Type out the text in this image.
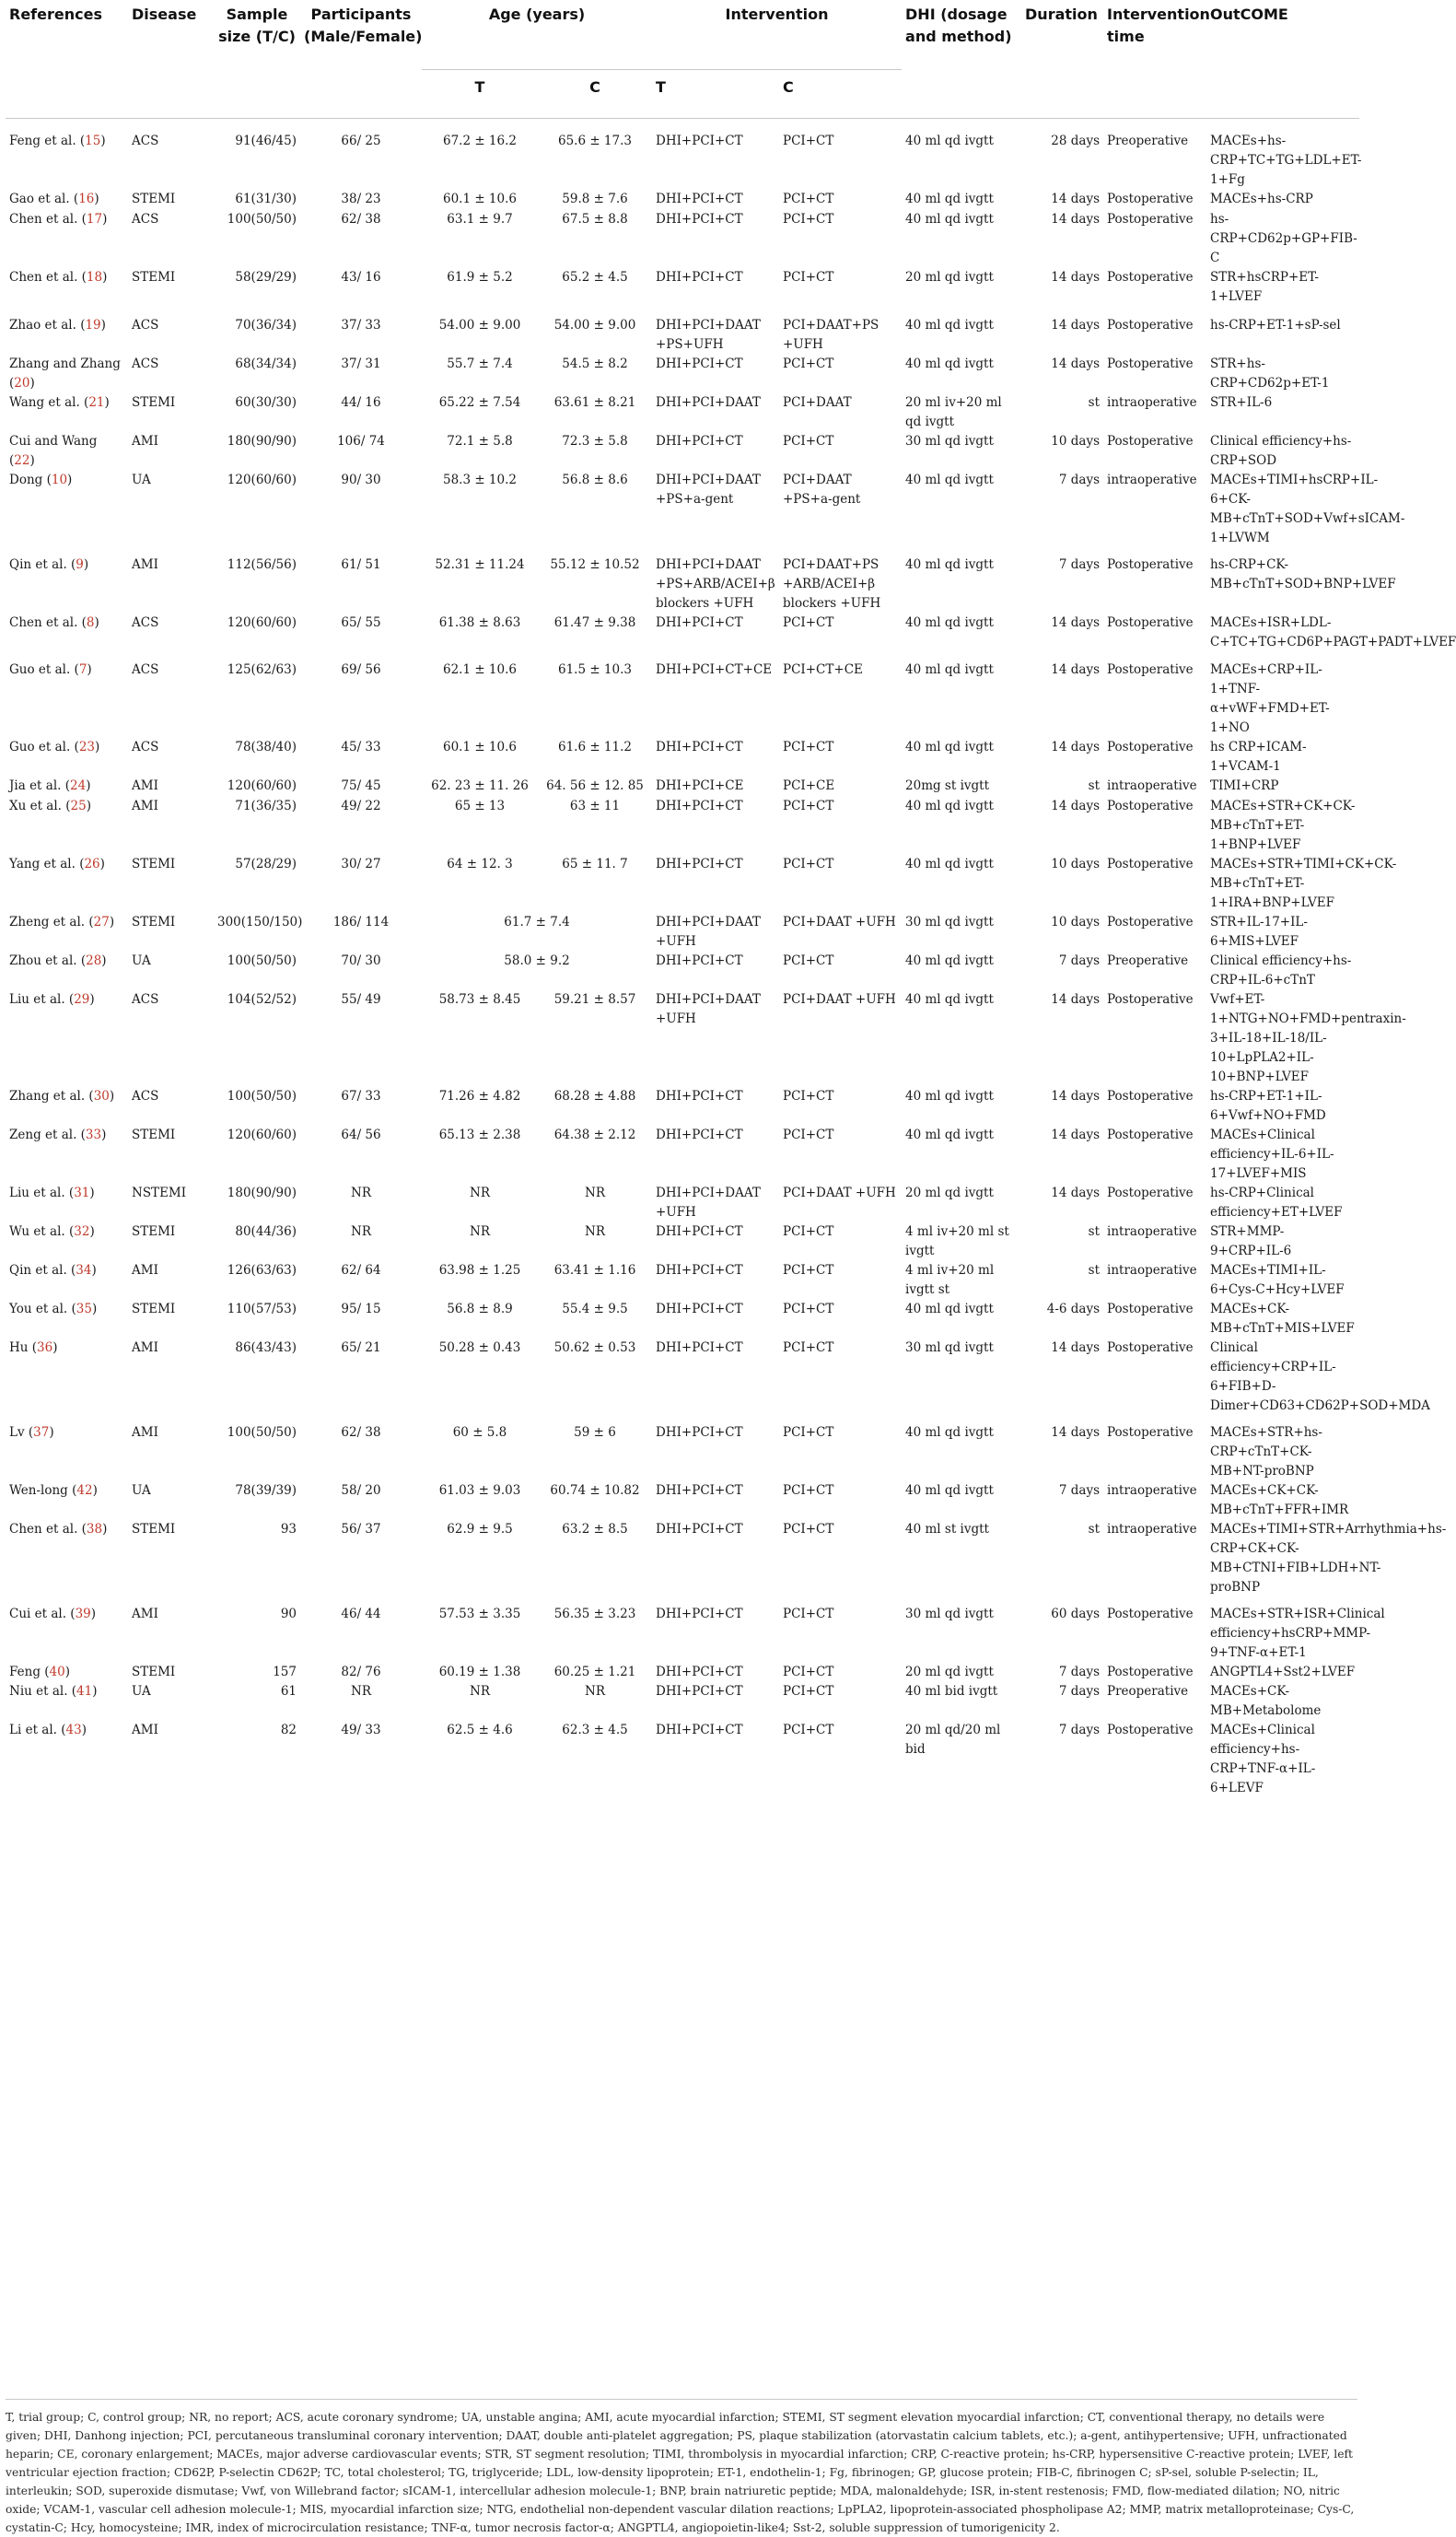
References	Disease	Sample size (T/C)	Participants (Male/Female)	Age (years)		Intervention		DHI (dosage and method)	Duration	Intervention time	OutCOME
				T	C	T	C				
Feng et al. (15)	ACS	91(46/45)	66/ 25	67.2 ± 16.2	65.6 ± 17.3	DHI+PCI+CT	PCI+CT	40 ml qd ivgtt	28 days	Preoperative	MACEs+hs-CRP+TC+TG+LDL+ET-1+Fg
Gao et al. (16)	STEMI	61(31/30)	38/ 23	60.1 ± 10.6	59.8 ± 7.6	DHI+PCI+CT	PCI+CT	40 ml qd ivgtt	14 days	Postoperative	MACEs+hs-CRP
Chen et al. (17)	ACS	100(50/50)	62/ 38	63.1 ± 9.7	67.5 ± 8.8	DHI+PCI+CT	PCI+CT	40 ml qd ivgtt	14 days	Postoperative	hs-CRP+CD62p+GP+FIB-C
Chen et al. (18)	STEMI	58(29/29)	43/ 16	61.9 ± 5.2	65.2 ± 4.5	DHI+PCI+CT	PCI+CT	20 ml qd ivgtt	14 days	Postoperative	STR+hsCRP+ET-1+LVEF
Zhao et al. (19)	ACS	70(36/34)	37/ 33	54.00 ± 9.00	54.00 ± 9.00	DHI+PCI+DAAT +PS+UFH	PCI+DAAT+PS +UFH	40 ml qd ivgtt	14 days	Postoperative	hs-CRP+ET-1+sP-sel
Zhang and Zhang (20)	ACS	68(34/34)	37/ 31	55.7 ± 7.4	54.5 ± 8.2	DHI+PCI+CT	PCI+CT	40 ml qd ivgtt	14 days	Postoperative	STR+hs-CRP+CD62p+ET-1
Wang et al. (21)	STEMI	60(30/30)	44/ 16	65.22 ± 7.54	63.61 ± 8.21	DHI+PCI+DAAT	PCI+DAAT	20 ml iv+20 ml qd ivgtt	st	intraoperative	STR+IL-6
Cui and Wang (22)	AMI	180(90/90)	106/ 74	72.1 ± 5.8	72.3 ± 5.8	DHI+PCI+CT	PCI+CT	30 ml qd ivgtt	10 days	Postoperative	Clinical efficiency+hs-CRP+SOD
Dong (10)	UA	120(60/60)	90/ 30	58.3 ± 10.2	56.8 ± 8.6	DHI+PCI+DAAT +PS+a-gent	PCI+DAAT +PS+a-gent	40 ml qd ivgtt	7 days	intraoperative	MACEs+TIMI+hsCRP+IL-6+CK-MB+cTnT+SOD+Vwf+sICAM-1+LVWM
Qin et al. (9)	AMI	112(56/56)	61/ 51	52.31 ± 11.24	55.12 ± 10.52	DHI+PCI+DAAT +PS+ARB/ACEI+β blockers +UFH	PCI+DAAT+PS +ARB/ACEI+β blockers +UFH	40 ml qd ivgtt	7 days	Postoperative	hs-CRP+CK-MB+cTnT+SOD+BNP+LVEF
Chen et al. (8)	ACS	120(60/60)	65/ 55	61.38 ± 8.63	61.47 ± 9.38	DHI+PCI+CT	PCI+CT	40 ml qd ivgtt	14 days	Postoperative	MACEs+ISR+LDL-C+TC+TG+CD6P+PAGT+PADT+LVEF
Guo et al. (7)	ACS	125(62/63)	69/ 56	62.1 ± 10.6	61.5 ± 10.3	DHI+PCI+CT+CE	PCI+CT+CE	40 ml qd ivgtt	14 days	Postoperative	MACEs+CRP+IL-1+TNF-α+vWF+FMD+ET-1+NO
Guo et al. (23)	ACS	78(38/40)	45/ 33	60.1 ± 10.6	61.6 ± 11.2	DHI+PCI+CT	PCI+CT	40 ml qd ivgtt	14 days	Postoperative	hs CRP+ICAM-1+VCAM-1
Jia et al. (24)	AMI	120(60/60)	75/ 45	62. 23 ± 11. 26	64. 56 ± 12. 85	DHI+PCI+CE	PCI+CE	20mg st ivgtt	st	intraoperative	TIMI+CRP
Xu et al. (25)	AMI	71(36/35)	49/ 22	65 ± 13	63 ± 11	DHI+PCI+CT	PCI+CT	40 ml qd ivgtt	14 days	Postoperative	MACEs+STR+CK+CK-MB+cTnT+ET-1+BNP+LVEF
Yang et al. (26)	STEMI	57(28/29)	30/ 27	64 ± 12. 3	65 ± 11. 7	DHI+PCI+CT	PCI+CT	40 ml qd ivgtt	10 days	Postoperative	MACEs+STR+TIMI+CK+CK-MB+cTnT+ET-1+IRA+BNP+LVEF
Zheng et al. (27)	STEMI	300(150/150)	186/ 114	61.7 ± 7.4		DHI+PCI+DAAT +UFH	PCI+DAAT +UFH	30 ml qd ivgtt	10 days	Postoperative	STR+IL-17+IL-6+MIS+LVEF
Zhou et al. (28)	UA	100(50/50)	70/ 30	58.0 ± 9.2		DHI+PCI+CT	PCI+CT	40 ml qd ivgtt	7 days	Preoperative	Clinical efficiency+hs-CRP+IL-6+cTnT
Liu et al. (29)	ACS	104(52/52)	55/ 49	58.73 ± 8.45	59.21 ± 8.57	DHI+PCI+DAAT +UFH	PCI+DAAT +UFH	40 ml qd ivgtt	14 days	Postoperative	Vwf+ET-1+NTG+NO+FMD+pentraxin-3+IL-18+IL-18/IL-10+LpPLA2+IL-10+BNP+LVEF
Zhang et al. (30)	ACS	100(50/50)	67/ 33	71.26 ± 4.82	68.28 ± 4.88	DHI+PCI+CT	PCI+CT	40 ml qd ivgtt	14 days	Postoperative	hs-CRP+ET-1+IL-6+Vwf+NO+FMD
Zeng et al. (33)	STEMI	120(60/60)	64/ 56	65.13 ± 2.38	64.38 ± 2.12	DHI+PCI+CT	PCI+CT	40 ml qd ivgtt	14 days	Postoperative	MACEs+Clinical efficiency+IL-6+IL-17+LVEF+MIS
Liu et al. (31)	NSTEMI	180(90/90)	NR	NR	NR	DHI+PCI+DAAT +UFH	PCI+DAAT +UFH	20 ml qd ivgtt	14 days	Postoperative	hs-CRP+Clinical efficiency+ET+LVEF
Wu et al. (32)	STEMI	80(44/36)	NR	NR	NR	DHI+PCI+CT	PCI+CT	4 ml iv+20 ml st ivgtt	st	intraoperative	STR+MMP-9+CRP+IL-6
Qin et al. (34)	AMI	126(63/63)	62/ 64	63.98 ± 1.25	63.41 ± 1.16	DHI+PCI+CT	PCI+CT	4 ml iv+20 ml ivgtt st	st	intraoperative	MACEs+TIMI+IL-6+Cys-C+Hcy+LVEF
You et al. (35)	STEMI	110(57/53)	95/ 15	56.8 ± 8.9	55.4 ± 9.5	DHI+PCI+CT	PCI+CT	40 ml qd ivgtt	4-6 days	Postoperative	MACEs+CK-MB+cTnT+MIS+LVEF
Hu (36)	AMI	86(43/43)	65/ 21	50.28 ± 0.43	50.62 ± 0.53	DHI+PCI+CT	PCI+CT	30 ml qd ivgtt	14 days	Postoperative	Clinical efficiency+CRP+IL-6+FIB+D-Dimer+CD63+CD62P+SOD+MDA
Lv (37)	AMI	100(50/50)	62/ 38	60 ± 5.8	59 ± 6	DHI+PCI+CT	PCI+CT	40 ml qd ivgtt	14 days	Postoperative	MACEs+STR+hs-CRP+cTnT+CK-MB+NT-proBNP
Wen-long (42)	UA	78(39/39)	58/ 20	61.03 ± 9.03	60.74 ± 10.82	DHI+PCI+CT	PCI+CT	40 ml qd ivgtt	7 days	intraoperative	MACEs+CK+CK-MB+cTnT+FFR+IMR
Chen et al. (38)	STEMI	93	56/ 37	62.9 ± 9.5	63.2 ± 8.5	DHI+PCI+CT	PCI+CT	40 ml st ivgtt	st	intraoperative	MACEs+TIMI+STR+Arrhythmia+hs-CRP+CK+CK-MB+CTNI+FIB+LDH+NT-proBNP
Cui et al. (39)	AMI	90	46/ 44	57.53 ± 3.35	56.35 ± 3.23	DHI+PCI+CT	PCI+CT	30 ml qd ivgtt	60 days	Postoperative	MACEs+STR+ISR+Clinical efficiency+hsCRP+MMP-9+TNF-α+ET-1
Feng (40)	STEMI	157	82/ 76	60.19 ± 1.38	60.25 ± 1.21	DHI+PCI+CT	PCI+CT	20 ml qd ivgtt	7 days	Postoperative	ANGPTL4+Sst2+LVEF
Niu et al. (41)	UA	61	NR	NR	NR	DHI+PCI+CT	PCI+CT	40 ml bid ivgtt	7 days	Preoperative	MACEs+CK-MB+Metabolome
Li et al. (43)	AMI	82	49/ 33	62.5 ± 4.6	62.3 ± 4.5	DHI+PCI+CT	PCI+CT	20 ml qd/20 ml bid	7 days	Postoperative	MACEs+Clinical efficiency+hs-CRP+TNF-α+IL-6+LEVF

T, trial group; C, control group; NR, no report; ACS, acute coronary syndrome; UA, unstable angina; AMI, acute myocardial infarction; STEMI, ST segment elevation myocardial infarction; CT, conventional therapy, no details were given; DHI, Danhong injection; PCI, percutaneous transluminal coronary intervention; DAAT, double anti-platelet aggregation; PS, plaque stabilization (atorvastatin calcium tablets, etc.); a-gent, antihypertensive; UFH, unfractionated heparin; CE, coronary enlargement; MACEs, major adverse cardiovascular events; STR, ST segment resolution; TIMI, thrombolysis in myocardial infarction; CRP, C-reactive protein; hs-CRP, hypersensitive C-reactive protein; LVEF, left ventricular ejection fraction; CD62P, P-selectin CD62P; TC, total cholesterol; TG, triglyceride; LDL, low-density lipoprotein; ET-1, endothelin-1; Fg, fibrinogen; GP, glucose protein; FIB-C, fibrinogen C; sP-sel, soluble P-selectin; IL, interleukin; SOD, superoxide dismutase; Vwf, von Willebrand factor; sICAM-1, intercellular adhesion molecule-1; BNP, brain natriuretic peptide; MDA, malonaldehyde; ISR, in-stent restenosis; FMD, flow-mediated dilation; NO, nitric oxide; VCAM-1, vascular cell adhesion molecule-1; MIS, myocardial infarction size; NTG, endothelial non-dependent vascular dilation reactions; LpPLA2, lipoprotein-associated phospholipase A2; MMP, matrix metalloproteinase; Cys-C, cystatin-C; Hcy, homocysteine; IMR, index of microcirculation resistance; TNF-α, tumor necrosis factor-α; ANGPTL4, angiopoietin-like4; Sst-2, soluble suppression of tumorigenicity 2.
